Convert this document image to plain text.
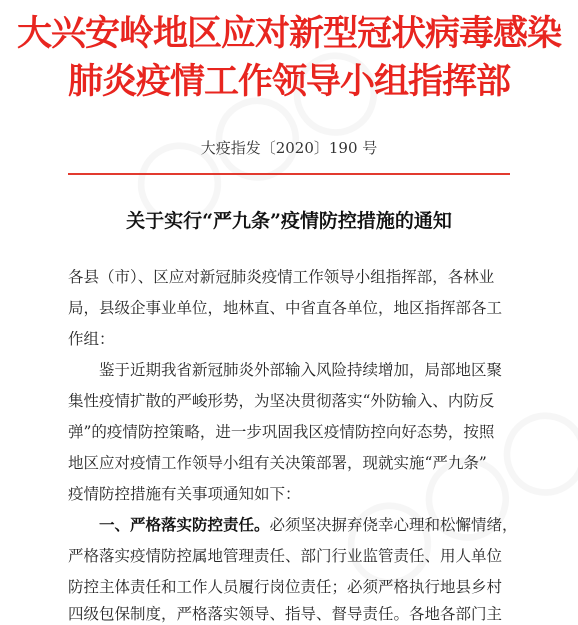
大兴安岭地区应对新型冠状病毒感染
肺炎疫情工作领导小组指挥部
大疫指发〔2020〕190 号
关于实行“严九条”疫情防控措施的通知
各县（市）、区应对新冠肺炎疫情工作领导小组指挥部，各林业
局，县级企事业单位，地林直、中省直各单位，地区指挥部各工
作组：
鉴于近期我省新冠肺炎外部输入风险持续增加，局部地区聚
集性疫情扩散的严峻形势，为坚决贯彻落实“外防输入、内防反
弹”的疫情防控策略，进一步巩固我区疫情防控向好态势，按照
地区应对疫情工作领导小组有关决策部署，现就实施“严九条”
疫情防控措施有关事项通知如下：
一、严格落实防控责任。必须坚决摒弃侥幸心理和松懈情绪，
严格落实疫情防控属地管理责任、部门行业监管责任、用人单位
防控主体责任和工作人员履行岗位责任；必须严格执行地县乡村
四级包保制度，严格落实领导、指导、督导责任。各地各部门主
